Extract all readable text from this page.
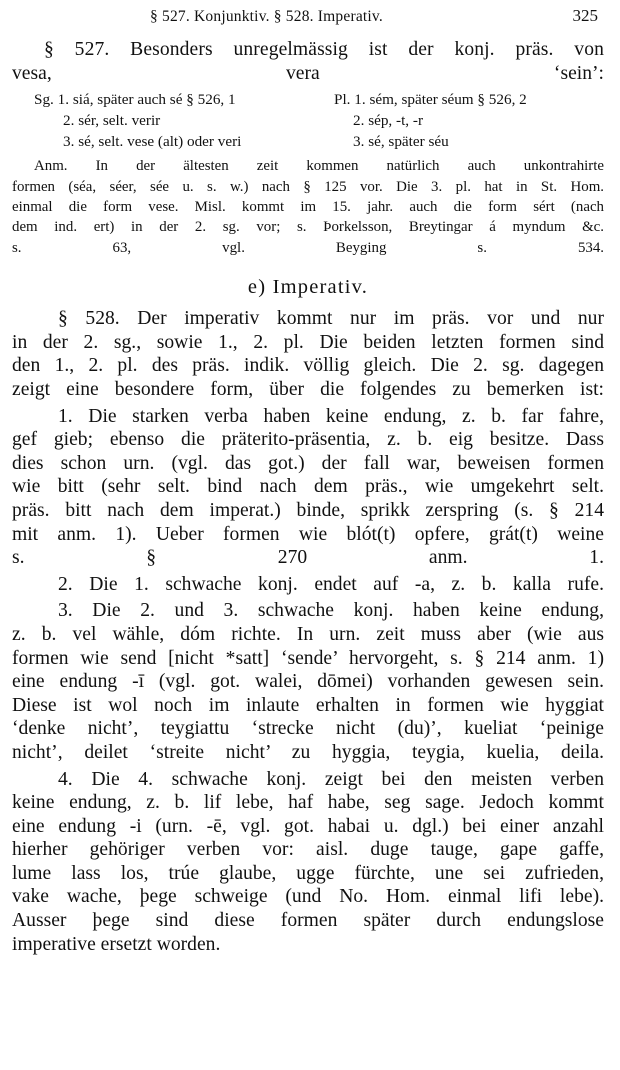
§ 527. Konjunktiv. § 528. Imperativ.	325

§ 527. Besonders unregelmässig ist der konj. präs. von
vesa, vera ‘sein’:

Sg. 1. siá, später auch sé § 526, 1	Pl. 1. sém, später séum § 526, 2
2. sér, selt. verir	2. sép, -t, -r
3. sé, selt. vese (alt) oder veri	3. sé, später séu
Anm. In der ältesten zeit kommen natürlich auch unkontrahirte
formen (séa, séer, sée u. s. w.) nach § 125 vor. Die 3. pl. hat in St. Hom.
einmal die form vese. Misl. kommt im 15. jahr. auch die form sért (nach
dem ind. ert) in der 2. sg. vor; s. Þorkelsson, Breytingar á myndum &c.
s. 63, vgl. Beyging s. 534.
e) Imperativ.

§ 528. Der imperativ kommt nur im präs. vor und nur
in der 2. sg., sowie 1., 2. pl. Die beiden letzten formen sind
den 1., 2. pl. des präs. indik. völlig gleich. Die 2. sg. dagegen
zeigt eine besondere form, über die folgendes zu bemerken ist:

1. Die starken verba haben keine endung, z. b. far fahre,
gef gieb; ebenso die präterito-präsentia, z. b. eig besitze. Dass
dies schon urn. (vgl. das got.) der fall war, beweisen formen
wie bitt (sehr selt. bind nach dem präs., wie umgekehrt selt.
präs. bitt nach dem imperat.) binde, sprikk zerspring (s. § 214
mit anm. 1). Ueber formen wie blót(t) opfere, grát(t) weine
s. § 270 anm. 1.

2. Die 1. schwache konj. endet auf -a, z. b. kalla rufe.

3. Die 2. und 3. schwache konj. haben keine endung,
z. b. vel wähle, dóm richte. In urn. zeit muss aber (wie aus
formen wie send [nicht *satt] ‘sende’ hervorgeht, s. § 214 anm. 1)
eine endung -ī (vgl. got. walei, dōmei) vorhanden gewesen sein.
Diese ist wol noch im inlaute erhalten in formen wie hyggiat
‘denke nicht’, teygiattu ‘strecke nicht (du)’, kueliat ‘peinige
nicht’, deilet ‘streite nicht’ zu hyggia, teygia, kuelia, deila.

4. Die 4. schwache konj. zeigt bei den meisten verben
keine endung, z. b. lif lebe, haf habe, seg sage. Jedoch kommt
eine endung -i (urn. -ē, vgl. got. habai u. dgl.) bei einer anzahl
hierher gehöriger verben vor: aisl. duge tauge, gape gaffe,
lume lass los, trúe glaube, ugge fürchte, une sei zufrieden,
vake wache, þege schweige (und No. Hom. einmal lifi lebe).
Ausser þege sind diese formen später durch endungslose
imperative ersetzt worden.
